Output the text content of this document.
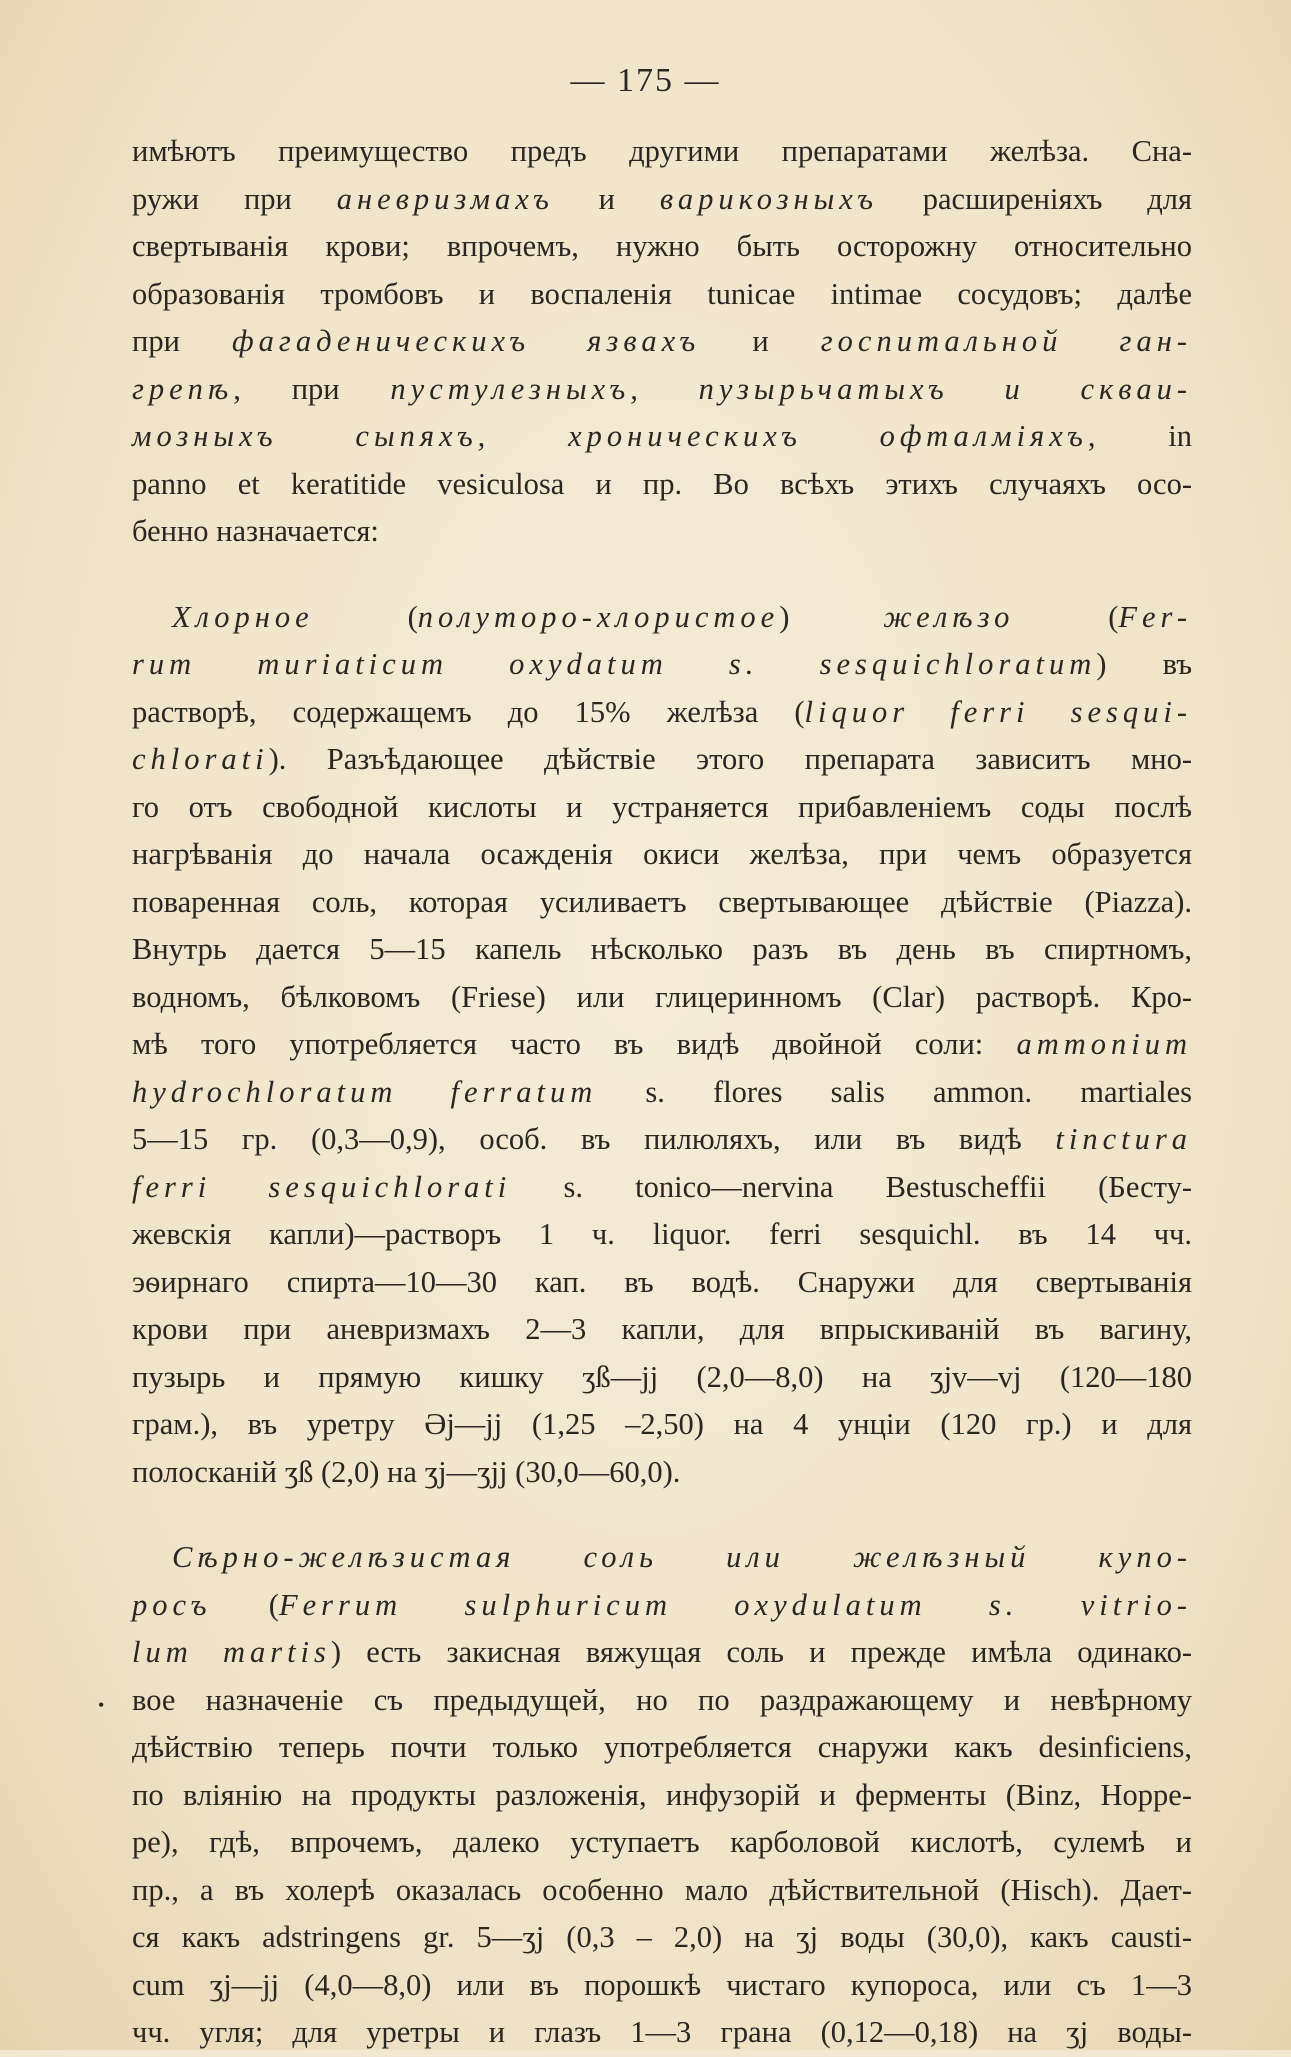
— 175 —
имѣютъ преимущество предъ другими препаратами желѣза. Сна-
ружи при аневризмахъ и варикозныхъ расширеніяхъ для
свертыванія крови; впрочемъ, нужно быть осторожну относительно
образованія тромбовъ и воспаленія tunicae intimae сосудовъ; далѣе
при фагаденическихъ язвахъ и госпитальной ган-
грепѣ, при пустулезныхъ, пузырьчатыхъ и скваи-
мозныхъ сыпяхъ, хроническихъ офталміяхъ, in
panno et keratitide vesiculosa и пр. Во всѣхъ этихъ случаяхъ осо-
бенно назначается:
Хлорное (полуторо-хлористое) желѣзо (Fer-
rum muriaticum oxydatum s. sesquichloratum) въ
растворѣ, содержащемъ до 15% желѣза (liquor ferri sesqui-
chlorati). Разъѣдающее дѣйствіе этого препарата зависитъ мно-
го отъ свободной кислоты и устраняется прибавленіемъ соды послѣ
нагрѣванія до начала осажденія окиси желѣза, при чемъ образуется
поваренная соль, которая усиливаетъ свертывающее дѣйствіе (Piazza).
Внутрь дается 5—15 капель нѣсколько разъ въ день въ спиртномъ,
водномъ, бѣлковомъ (Friese) или глицеринномъ (Clar) растворѣ. Кро-
мѣ того употребляется часто въ видѣ двойной соли: ammonium
hydrochloratum ferratum s. flores salis ammon. martiales
5—15 гр. (0,3—0,9), особ. въ пилюляхъ, или въ видѣ tinctura
ferri sesquichlorati s. tonico—nervina Bestuscheffii (Бесту-
жевскія капли)—растворъ 1 ч. liquor. ferri sesquichl. въ 14 чч.
эѳирнаго спирта—10—30 кап. въ водѣ. Снаружи для свертыванія
крови при аневризмахъ 2—3 капли, для впрыскиваній въ вагину,
пузырь и прямую кишку ʒß—jj (2,0—8,0) на ʒjv—vj (120—180
грам.), въ уретру Əj—jj (1,25 –2,50) на 4 унціи (120 гр.) и для
полосканій ʒß (2,0) на ʒj—ʒjj (30,0—60,0).
Сѣрно-желѣзистая соль или желѣзный купо-
росъ (Ferrum sulphuricum oxydulatum s. vitrio-
lum martis) есть закисная вяжущая соль и прежде имѣла одинако-
вое назначеніе съ предыдущей, но по раздражающему и невѣрному
дѣйствію теперь почти только употребляется снаружи какъ desinficiens,
по вліянію на продукты разложенія, инфузорій и ферменты (Binz, Hoppe-
ре), гдѣ, впрочемъ, далеко уступаетъ карболовой кислотѣ, сулемѣ и
пр., а въ холерѣ оказалась особенно мало дѣйствительной (Hisch). Дает-
ся какъ adstringens gr. 5—ʒj (0,3 – 2,0) на ʒj воды (30,0), какъ causti-
cum ʒj—jj (4,0—8,0) или въ порошкѣ чистаго купороса, или съ 1—3
чч. угля; для уретры и глазъ 1—3 грана (0,12—0,18) на ʒj воды-
•
